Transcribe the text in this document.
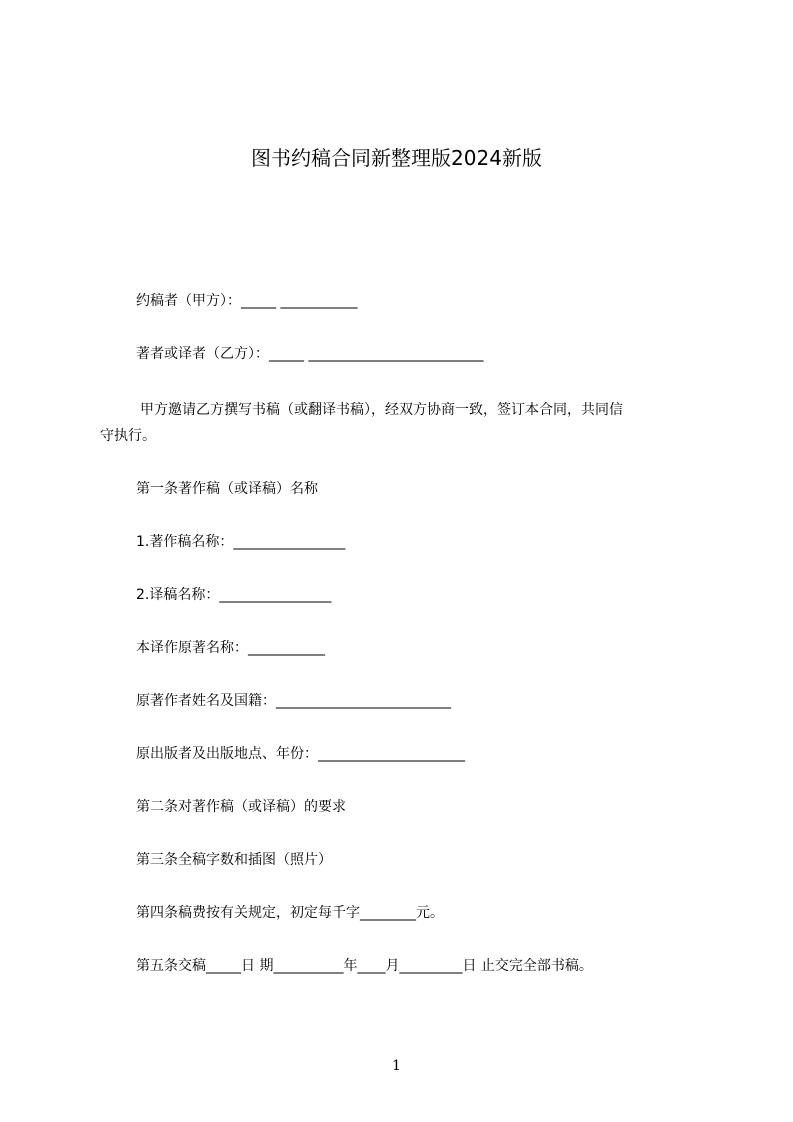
图书约稿合同新整理版2024新版
约稿者（甲方）：_____ ___________
著者或译者（乙方）：_____ _________________________
甲方邀请乙方撰写书稿（或翻译书稿），经双方协商一致，签订本合同，共同信
守执行。
第一条著作稿（或译稿）名称
1.著作稿名称：________________
2.译稿名称：________________
本译作原著名称：___________
原著作者姓名及国籍：_________________________
原出版者及出版地点、年份：_____________________
第二条对著作稿（或译稿）的要求
第三条全稿字数和插图（照片）
第四条稿费按有关规定，初定每千字________元。
第五条交稿_____日 期__________年____月_________日 止交完全部书稿。
1
